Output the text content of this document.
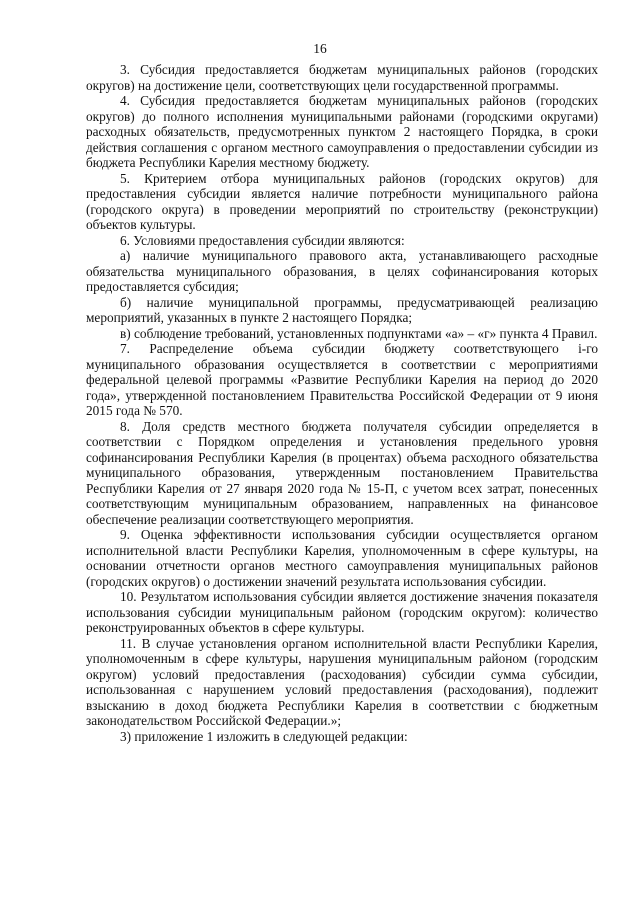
16

3. Субсидия предоставляется бюджетам муниципальных районов (городских округов) на достижение цели, соответствующих цели государственной программы.

4. Субсидия предоставляется бюджетам муниципальных районов (городских округов) до полного исполнения муниципальными районами (городскими округами) расходных обязательств, предусмотренных пунктом 2 настоящего Порядка, в сроки действия соглашения с органом местного самоуправления о предоставлении субсидии из бюджета Республики Карелия местному бюджету.

5. Критерием отбора муниципальных районов (городских округов) для предоставления субсидии является наличие потребности муниципального района (городского округа) в проведении мероприятий по строительству (реконструкции) объектов культуры.

6. Условиями предоставления субсидии являются:

а) наличие муниципального правового акта, устанавливающего расходные обязательства муниципального образования, в целях софинансирования которых предоставляется субсидия;

б) наличие муниципальной программы, предусматривающей реализацию мероприятий, указанных в пункте 2 настоящего Порядка;

в) соблюдение требований, установленных подпунктами «а» – «г» пункта 4 Правил.

7. Распределение объема субсидии бюджету соответствующего i-го муниципального образования осуществляется в соответствии с мероприятиями федеральной целевой программы «Развитие Республики Карелия на период до 2020 года», утвержденной постановлением Правительства Российской Федерации от 9 июня 2015 года № 570.

8. Доля средств местного бюджета получателя субсидии определяется в соответствии с Порядком определения и установления предельного уровня софинансирования Республики Карелия (в процентах) объема расходного обязательства муниципального образования, утвержденным постановлением Правительства Республики Карелия от 27 января 2020 года № 15-П, с учетом всех затрат, понесенных соответствующим муниципальным образованием, направленных на финансовое обеспечение реализации соответствующего мероприятия.

9. Оценка эффективности использования субсидии осуществляется органом исполнительной власти Республики Карелия, уполномоченным в сфере культуры, на основании отчетности органов местного самоуправления муниципальных районов (городских округов) о достижении значений результата использования субсидии.

10. Результатом использования субсидии является достижение значения показателя использования субсидии муниципальным районом (городским округом): количество реконструированных объектов в сфере культуры.

11. В случае установления органом исполнительной власти Республики Карелия, уполномоченным в сфере культуры, нарушения муниципальным районом (городским округом) условий предоставления (расходования) субсидии сумма субсидии, использованная с нарушением условий предоставления (расходования), подлежит взысканию в доход бюджета Республики Карелия в соответствии с бюджетным законодательством Российской Федерации.»;

3) приложение 1 изложить в следующей редакции:
